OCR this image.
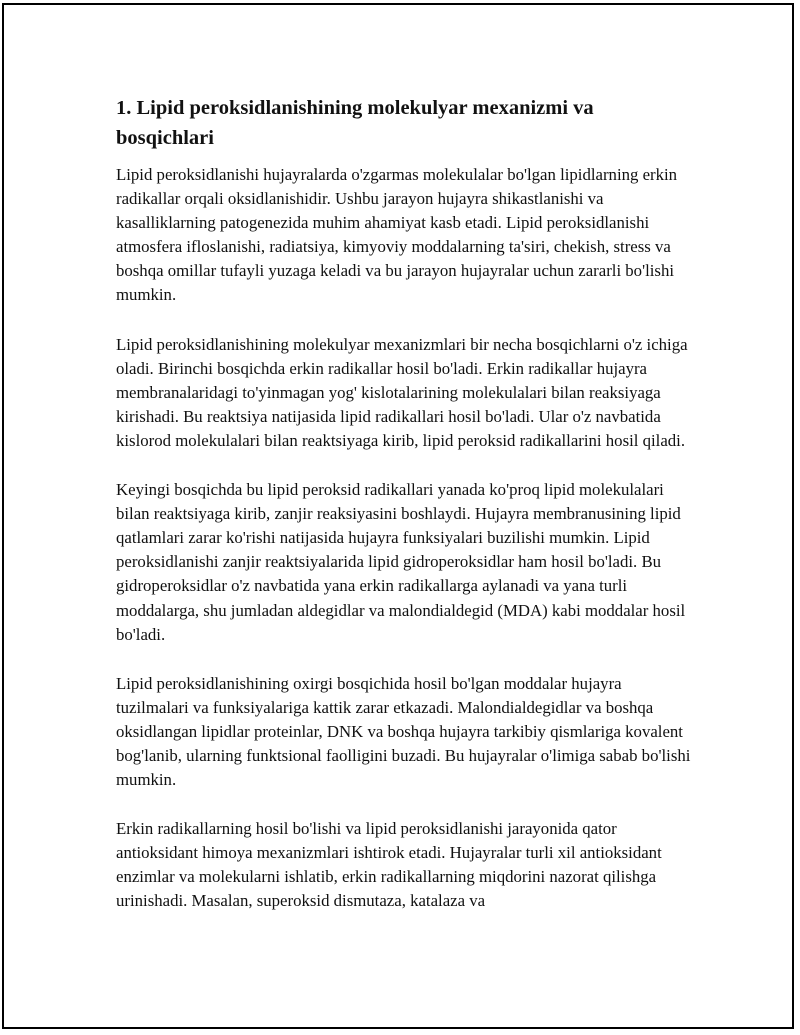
1. Lipid peroksidlanishining molekulyar mexanizmi va bosqichlari

Lipid peroksidlanishi hujayralarda o'zgarmas molekulalar bo'lgan lipidlarning erkin radikallar orqali oksidlanishidir. Ushbu jarayon hujayra shikastlanishi va kasalliklarning patogenezida muhim ahamiyat kasb etadi. Lipid peroksidlanishi atmosfera ifloslanishi, radiatsiya, kimyoviy moddalarning ta'siri, chekish, stress va boshqa omillar tufayli yuzaga keladi va bu jarayon hujayralar uchun zararli bo'lishi mumkin.

Lipid peroksidlanishining molekulyar mexanizmlari bir necha bosqichlarni o'z ichiga oladi. Birinchi bosqichda erkin radikallar hosil bo'ladi. Erkin radikallar hujayra membranalaridagi to'yinmagan yog' kislotalarining molekulalari bilan reaksiyaga kirishadi. Bu reaktsiya natijasida lipid radikallari hosil bo'ladi. Ular o'z navbatida kislorod molekulalari bilan reaktsiyaga kirib, lipid peroksid radikallarini hosil qiladi.

Keyingi bosqichda bu lipid peroksid radikallari yanada ko'proq lipid molekulalari bilan reaktsiyaga kirib, zanjir reaksiyasini boshlaydi. Hujayra membranusining lipid qatlamlari zarar ko'rishi natijasida hujayra funksiyalari buzilishi mumkin. Lipid peroksidlanishi zanjir reaktsiyalarida lipid gidroperoksidlar ham hosil bo'ladi. Bu gidroperoksidlar o'z navbatida yana erkin radikallarga aylanadi va yana turli moddalarga, shu jumladan aldegidlar va malondialdegid (MDA) kabi moddalar hosil bo'ladi.

Lipid peroksidlanishining oxirgi bosqichida hosil bo'lgan moddalar hujayra tuzilmalari va funksiyalariga kattik zarar etkazadi. Malondialdegidlar va boshqa oksidlangan lipidlar proteinlar, DNK va boshqa hujayra tarkibiy qismlariga kovalent bog'lanib, ularning funktsional faolligini buzadi. Bu hujayralar o'limiga sabab bo'lishi mumkin.

Erkin radikallarning hosil bo'lishi va lipid peroksidlanishi jarayonida qator antioksidant himoya mexanizmlari ishtirok etadi. Hujayralar turli xil antioksidant enzimlar va molekularni ishlatib, erkin radikallarning miqdorini nazorat qilishga urinishadi. Masalan, superoksid dismutaza, katalaza va
